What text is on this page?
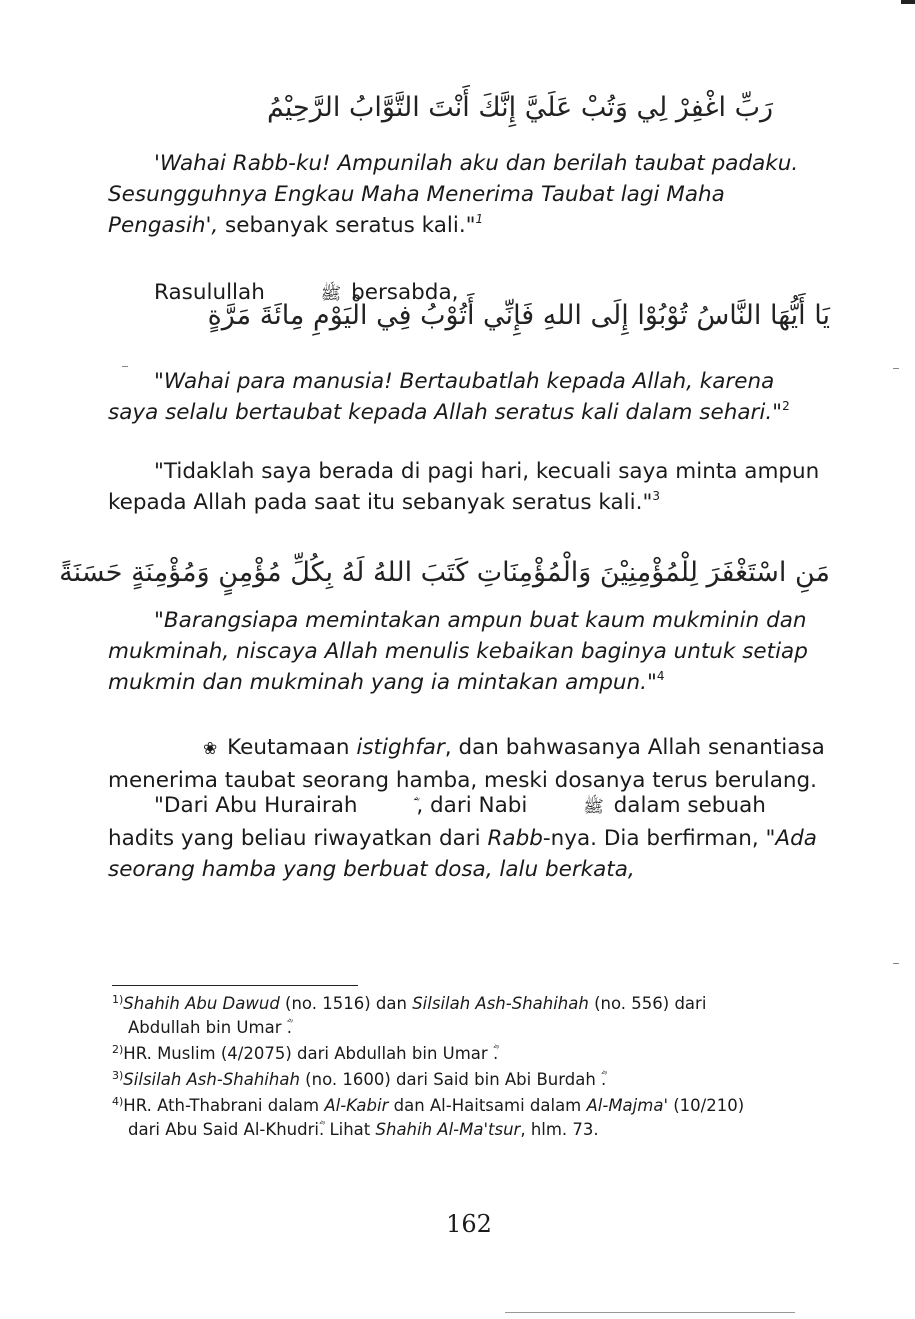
رَبِّ اغْفِرْ لِي وَتُبْ عَلَيَّ إِنَّكَ أَنْتَ التَّوَّابُ الرَّحِيْمُ

'Wahai Rabb-ku! Ampunilah aku dan berilah taubat padaku. Sesungguhnya Engkau Maha Menerima Taubat lagi Maha Pengasih', sebanyak seratus kali."$^1$

Rasulullah	ﷺ bersabda,

يَا أَيُّهَا النَّاسُ تُوْبُوْا إِلَى اللهِ فَإِنِّي أَتُوْبُ فِي الْيَوْمِ مِائَةَ مَرَّةٍ

"Wahai para manusia! Bertaubatlah kepada Allah, karena saya selalu bertaubat kepada Allah seratus kali dalam sehari."$^2$

"Tidaklah saya berada di pagi hari, kecuali saya minta ampun kepada Allah pada saat itu sebanyak seratus kali."$^3$

مَنِ اسْتَغْفَرَ لِلْمُؤْمِنِيْنَ وَالْمُؤْمِنَاتِ كَتَبَ اللهُ لَهُ بِكُلِّ مُؤْمِنٍ وَمُؤْمِنَةٍ حَسَنَةً

"Barangsiapa memintakan ampun buat kaum mukminin dan mukminah, niscaya Allah menulis kebaikan baginya untuk setiap mukmin dan mukminah yang ia mintakan ampun."$^4$

❀ Keutamaan istighfar, dan bahwasanya Allah senantiasa menerima taubat seorang hamba, meski dosanya terus berulang.

"Dari Abu Hurairah	, dari Nabi	ﷺ dalam sebuah hadits yang beliau riwayatkan dari Rabb-nya. Dia berfirman, "Ada seorang hamba yang berbuat dosa, lalu berkata,

$^{1)}$Shahih Abu Dawud (no. 1516) dan Silsilah Ash-Shahihah (no. 556) dari
Abdullah bin Umar .
$^{2)}$HR. Muslim (4/2075) dari Abdullah bin Umar .
$^{3)}$Silsilah Ash-Shahihah (no. 1600) dari Said bin Abi Burdah .
$^{4)}$HR. Ath-Thabrani dalam Al-Kabir dan Al-Haitsami dalam Al-Majma' (10/210)
dari Abu Said Al-Khudri. Lihat Shahih Al-Ma'tsur, hlm. 73.
162
